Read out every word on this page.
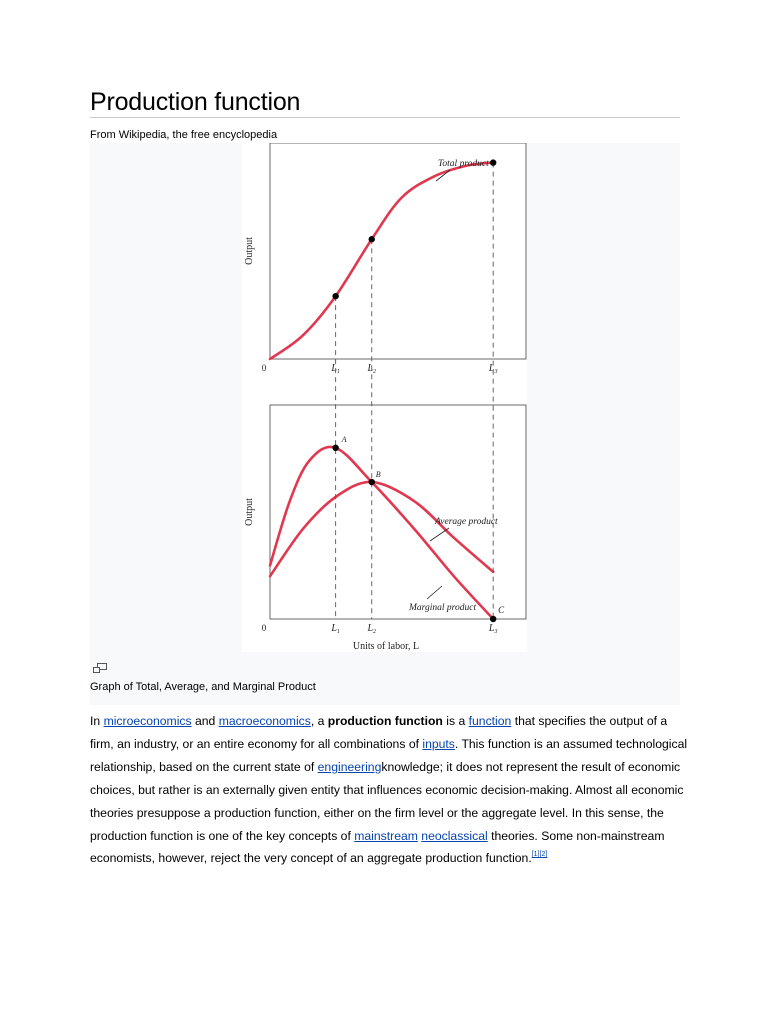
Production function
From Wikipedia, the free encyclopedia
Output
0	$L_1$	$L_2$	$L_3$
Output
0	$L_1$	$L_2$	$L_3$
Units of labor, L
A
B
C
Total product
Average product
Marginal product
Graph of Total, Average, and Marginal Product

In microeconomics and macroeconomics, a production function is a function that specifies the output of a firm, an industry, or an entire economy for all combinations of inputs. This function is an assumed technological relationship, based on the current state of engineeringknowledge; it does not represent the result of economic choices, but rather is an externally given entity that influences economic decision-making. Almost all economic theories presuppose a production function, either on the firm level or the aggregate level. In this sense, the production function is one of the key concepts of mainstream neoclassical theories. Some non-mainstream economists, however, reject the very concept of an aggregate production function.[1][2]
